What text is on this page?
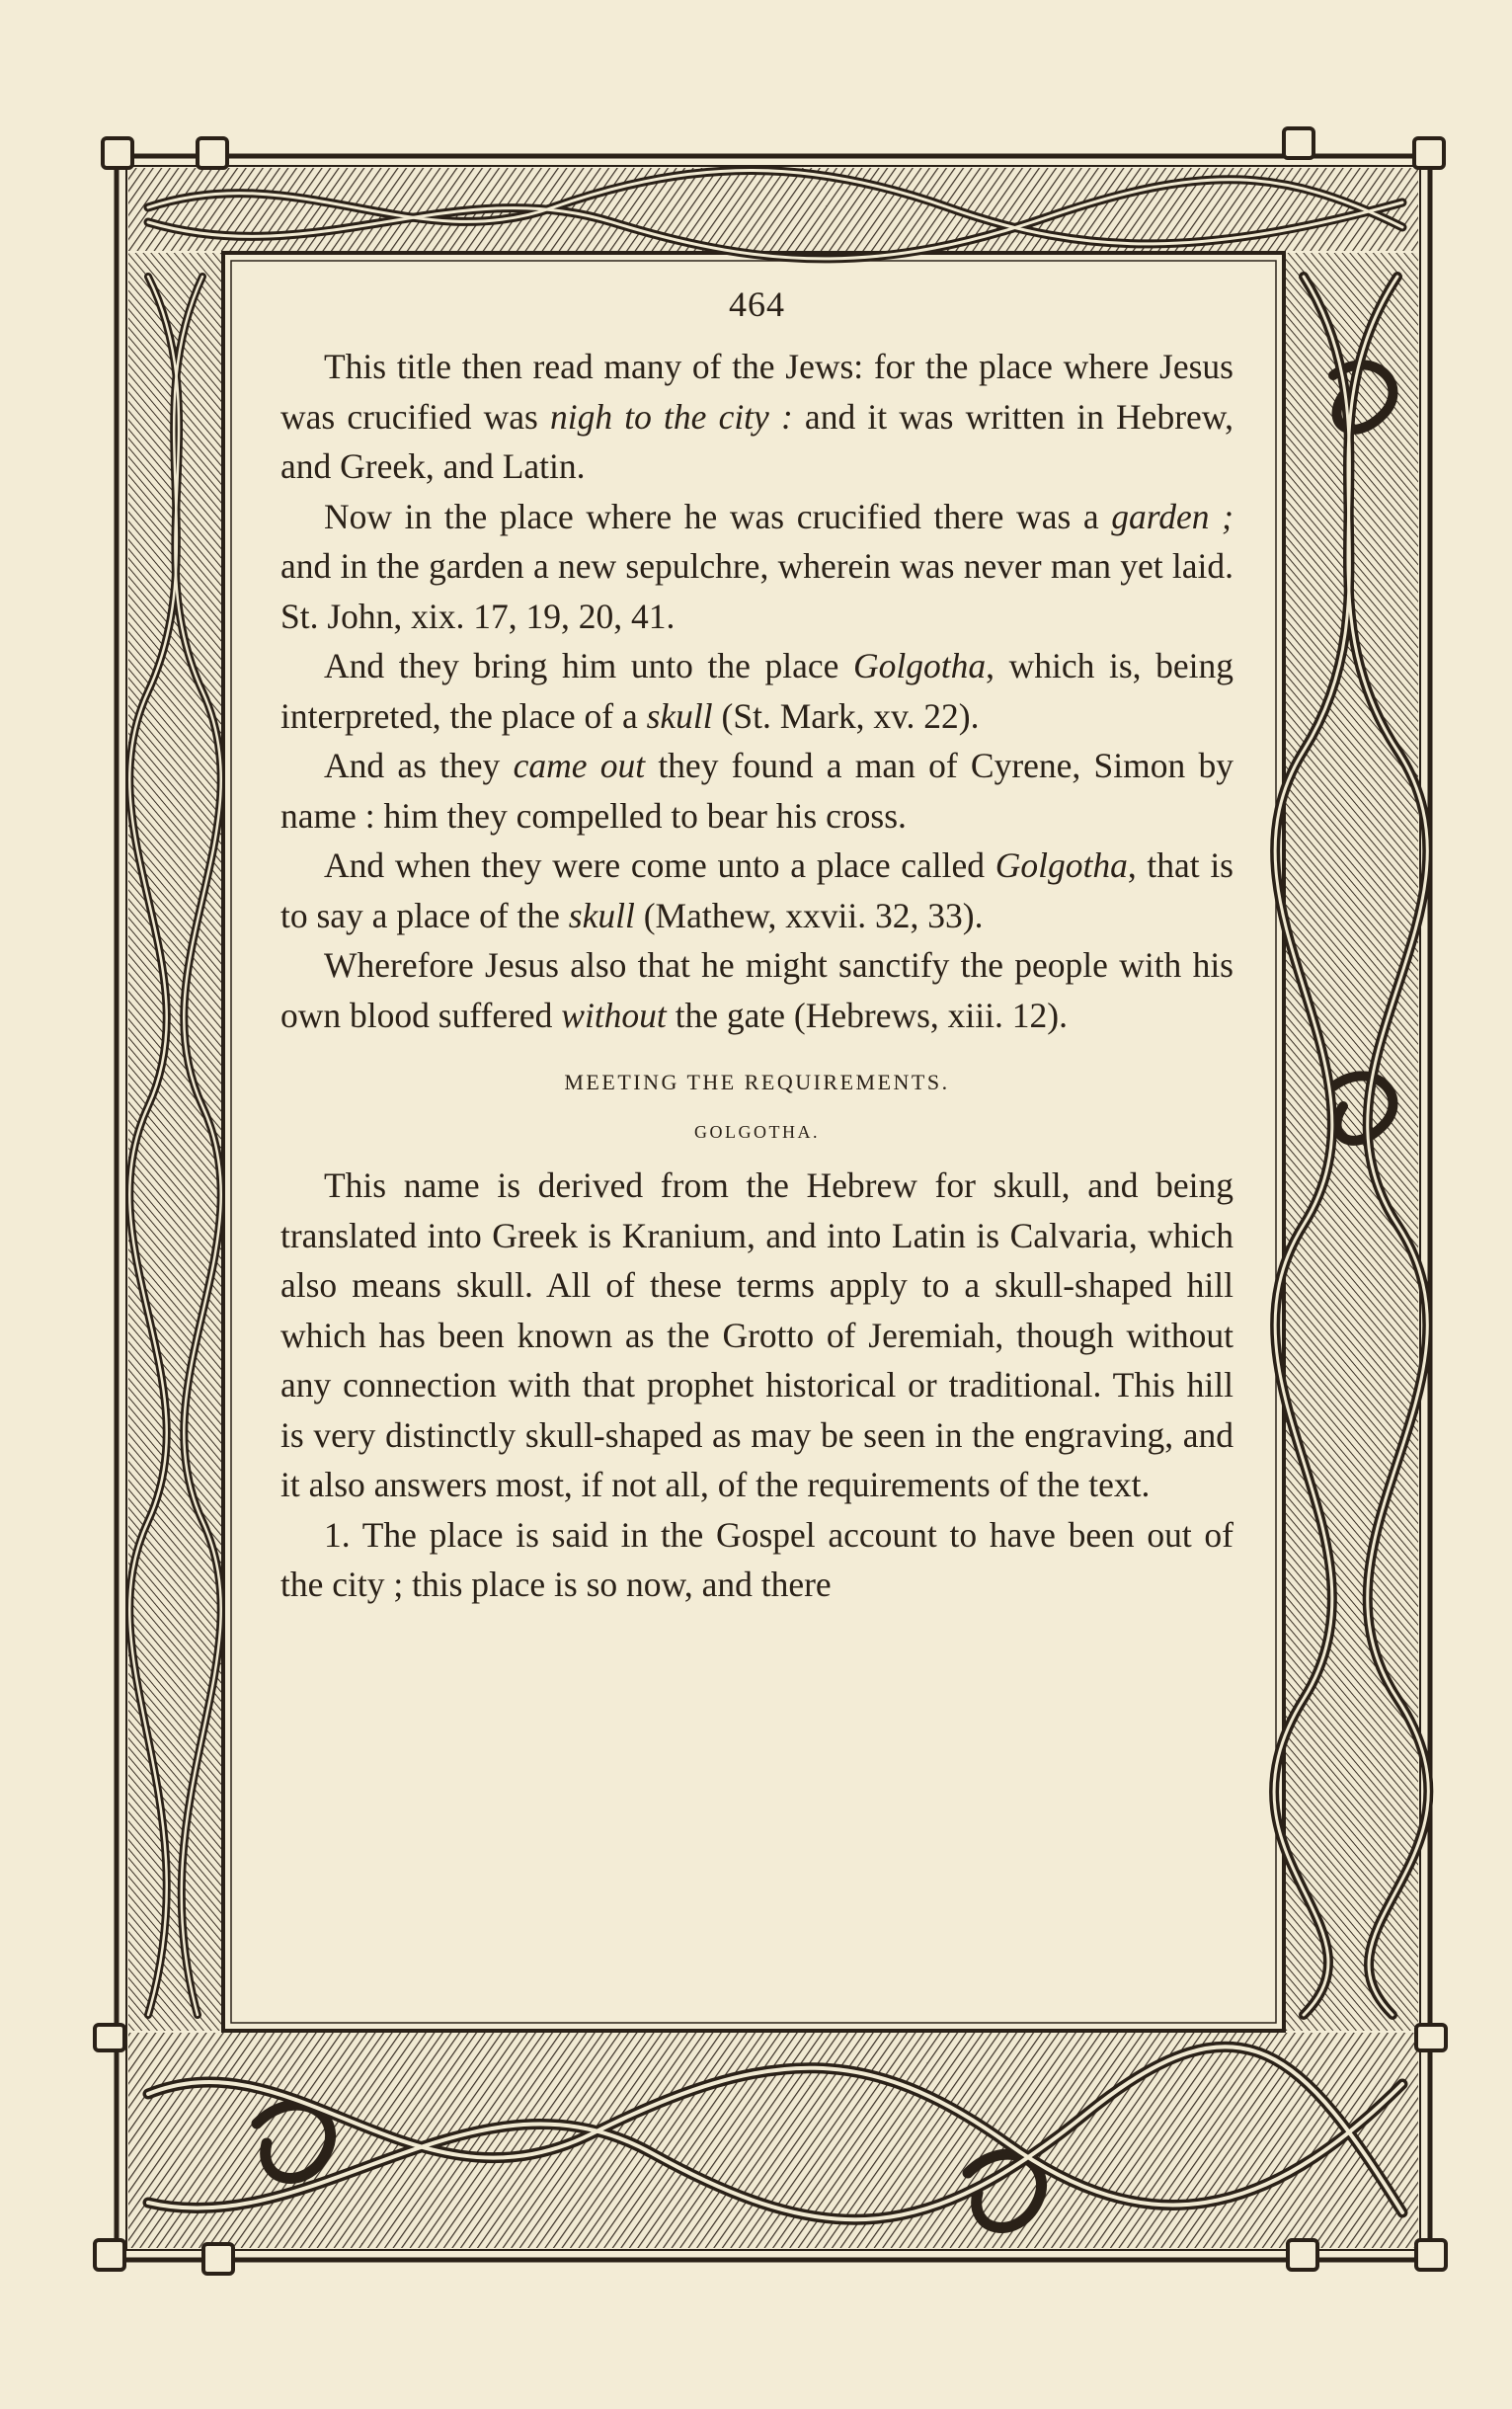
464

This title then read many of the Jews: for the place where Jesus was crucified was nigh to the city : and it was written in Hebrew, and Greek, and Latin.

Now in the place where he was crucified there was a garden ; and in the garden a new sepulchre, wherein was never man yet laid. St. John, xix. 17, 19, 20, 41.

And they bring him unto the place Golgotha, which is, being interpreted, the place of a skull (St. Mark, xv. 22).

And as they came out they found a man of Cyrene, Simon by name : him they compelled to bear his cross.

And when they were come unto a place called Golgotha, that is to say a place of the skull (Mathew, xxvii. 32, 33).

Wherefore Jesus also that he might sanctify the people with his own blood suffered without the gate (Hebrews, xiii. 12).

MEETING THE REQUIREMENTS.
GOLGOTHA.

This name is derived from the Hebrew for skull, and being translated into Greek is Kranium, and into Latin is Calvaria, which also means skull. All of these terms apply to a skull-shaped hill which has been known as the Grotto of Jeremiah, though without any connection with that prophet historical or traditional. This hill is very distinctly skull-shaped as may be seen in the engraving, and it also answers most, if not all, of the requirements of the text.

1. The place is said in the Gospel account to have been out of the city ; this place is so now, and there
